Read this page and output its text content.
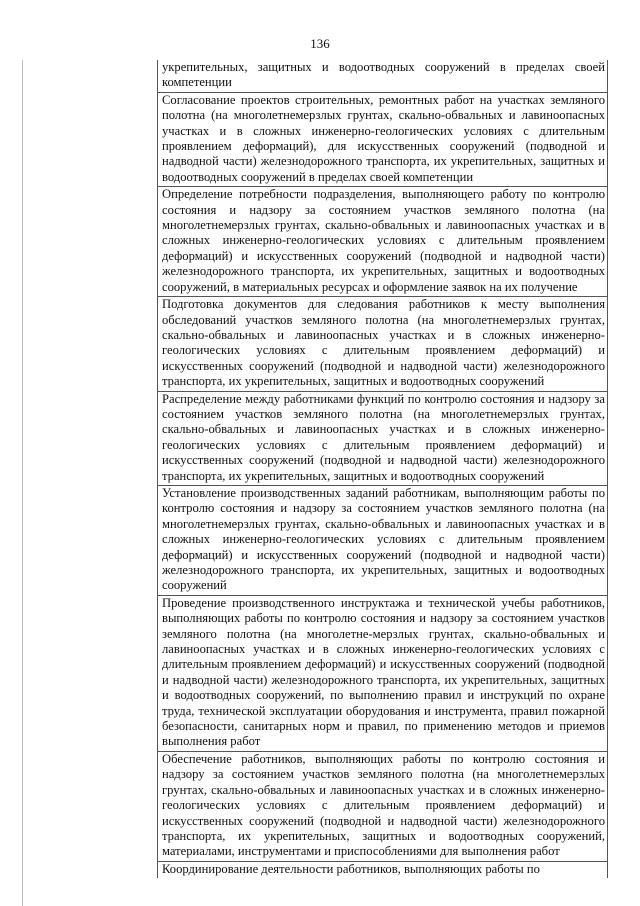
136
укрепительных, защитных и водоотводных сооружений в пределах своей компетенции
Согласование проектов строительных, ремонтных работ на участках земляного полотна (на многолетнемерзлых грунтах, скально-обвальных и лавиноопасных участках и в сложных инженерно-геологических условиях с длительным проявлением деформаций), для искусственных сооружений (подводной и надводной части) железнодорожного транспорта, их укрепительных, защитных и водоотводных сооружений в пределах своей компетенции
Определение потребности подразделения, выполняющего работу по контролю состояния и надзору за состоянием участков земляного полотна (на многолетнемерзлых грунтах, скально-обвальных и лавиноопасных участках и в сложных инженерно-геологических условиях с длительным проявлением деформаций) и искусственных сооружений (подводной и надводной части) железнодорожного транспорта, их укрепительных, защитных и водоотводных сооружений, в материальных ресурсах и оформление заявок на их получение
Подготовка документов для следования работников к месту выполнения обследований участков земляного полотна (на многолетнемерзлых грунтах, скально-обвальных и лавиноопасных участках и в сложных инженерно-геологических условиях с длительным проявлением деформаций) и искусственных сооружений (подводной и надводной части) железнодорожного транспорта, их укрепительных, защитных и водоотводных сооружений
Распределение между работниками функций по контролю состояния и надзору за состоянием участков земляного полотна (на многолетнемерзлых грунтах, скально-обвальных и лавиноопасных участках и в сложных инженерно-геологических условиях с длительным проявлением деформаций) и искусственных сооружений (подводной и надводной части) железнодорожного транспорта, их укрепительных, защитных и водоотводных сооружений
Установление производственных заданий работникам, выполняющим работы по контролю состояния и надзору за состоянием участков земляного полотна (на многолетнемерзлых грунтах, скально-обвальных и лавиноопасных участках и в сложных инженерно-геологических условиях с длительным проявлением деформаций) и искусственных сооружений (подводной и надводной части) железнодорожного транспорта, их укрепительных, защитных и водоотводных сооружений
Проведение производственного инструктажа и технической учебы работников, выполняющих работы по контролю состояния и надзору за состоянием участков земляного полотна (на многолетне-мерзлых грунтах, скально-обвальных и лавиноопасных участках и в сложных инженерно-геологических условиях с длительным проявлением деформаций) и искусственных сооружений (подводной и надводной части) железнодорожного транспорта, их укрепительных, защитных и водоотводных сооружений, по выполнению правил и инструкций по охране труда, технической эксплуатации оборудования и инструмента, правил пожарной безопасности, санитарных норм и правил, по применению методов и приемов выполнения работ
Обеспечение работников, выполняющих работы по контролю состояния и надзору за состоянием участков земляного полотна (на многолетнемерзлых грунтах, скально-обвальных и лавиноопасных участках и в сложных инженерно-геологических условиях с длительным проявлением деформаций) и искусственных сооружений (подводной и надводной части) железнодорожного транспорта, их укрепительных, защитных и водоотводных сооружений, материалами, инструментами и приспособлениями для выполнения работ
Координирование деятельности работников, выполняющих работы по
